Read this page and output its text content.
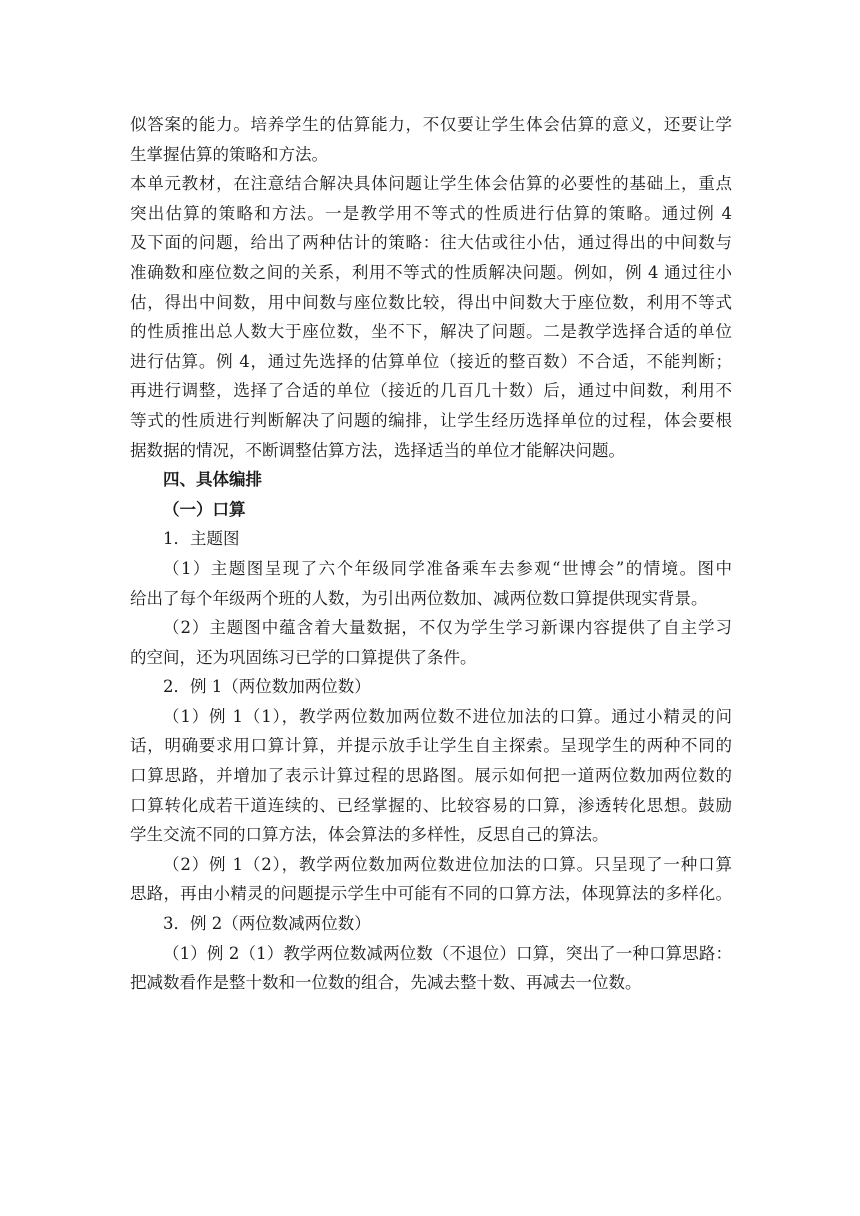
似答案的能力。培养学生的估算能力，不仅要让学生体会估算的意义，还要让学
生掌握估算的策略和方法。
本单元教材，在注意结合解决具体问题让学生体会估算的必要性的基础上，重点
突出估算的策略和方法。一是教学用不等式的性质进行估算的策略。通过例 4
及下面的问题，给出了两种估计的策略：往大估或往小估，通过得出的中间数与
准确数和座位数之间的关系，利用不等式的性质解决问题。例如，例 4 通过往小
估，得出中间数，用中间数与座位数比较，得出中间数大于座位数，利用不等式
的性质推出总人数大于座位数，坐不下，解决了问题。二是教学选择合适的单位
进行估算。例 4，通过先选择的估算单位（接近的整百数）不合适，不能判断；
再进行调整，选择了合适的单位（接近的几百几十数）后，通过中间数，利用不
等式的性质进行判断解决了问题的编排，让学生经历选择单位的过程，体会要根
据数据的情况，不断调整估算方法，选择适当的单位才能解决问题。
四、具体编排
（一）口算
1．主题图
（1）主题图呈现了六个年级同学准备乘车去参观“世博会”的情境。图中
给出了每个年级两个班的人数，为引出两位数加、减两位数口算提供现实背景。
（2）主题图中蕴含着大量数据，不仅为学生学习新课内容提供了自主学习
的空间，还为巩固练习已学的口算提供了条件。
2．例 1（两位数加两位数）
（1）例 1（1），教学两位数加两位数不进位加法的口算。通过小精灵的问
话，明确要求用口算计算，并提示放手让学生自主探索。呈现学生的两种不同的
口算思路，并增加了表示计算过程的思路图。展示如何把一道两位数加两位数的
口算转化成若干道连续的、已经掌握的、比较容易的口算，渗透转化思想。鼓励
学生交流不同的口算方法，体会算法的多样性，反思自己的算法。
（2）例 1（2），教学两位数加两位数进位加法的口算。只呈现了一种口算
思路，再由小精灵的问题提示学生中可能有不同的口算方法，体现算法的多样化。
3．例 2（两位数减两位数）
（1）例 2（1）教学两位数减两位数（不退位）口算，突出了一种口算思路：
把减数看作是整十数和一位数的组合，先减去整十数、再减去一位数。
